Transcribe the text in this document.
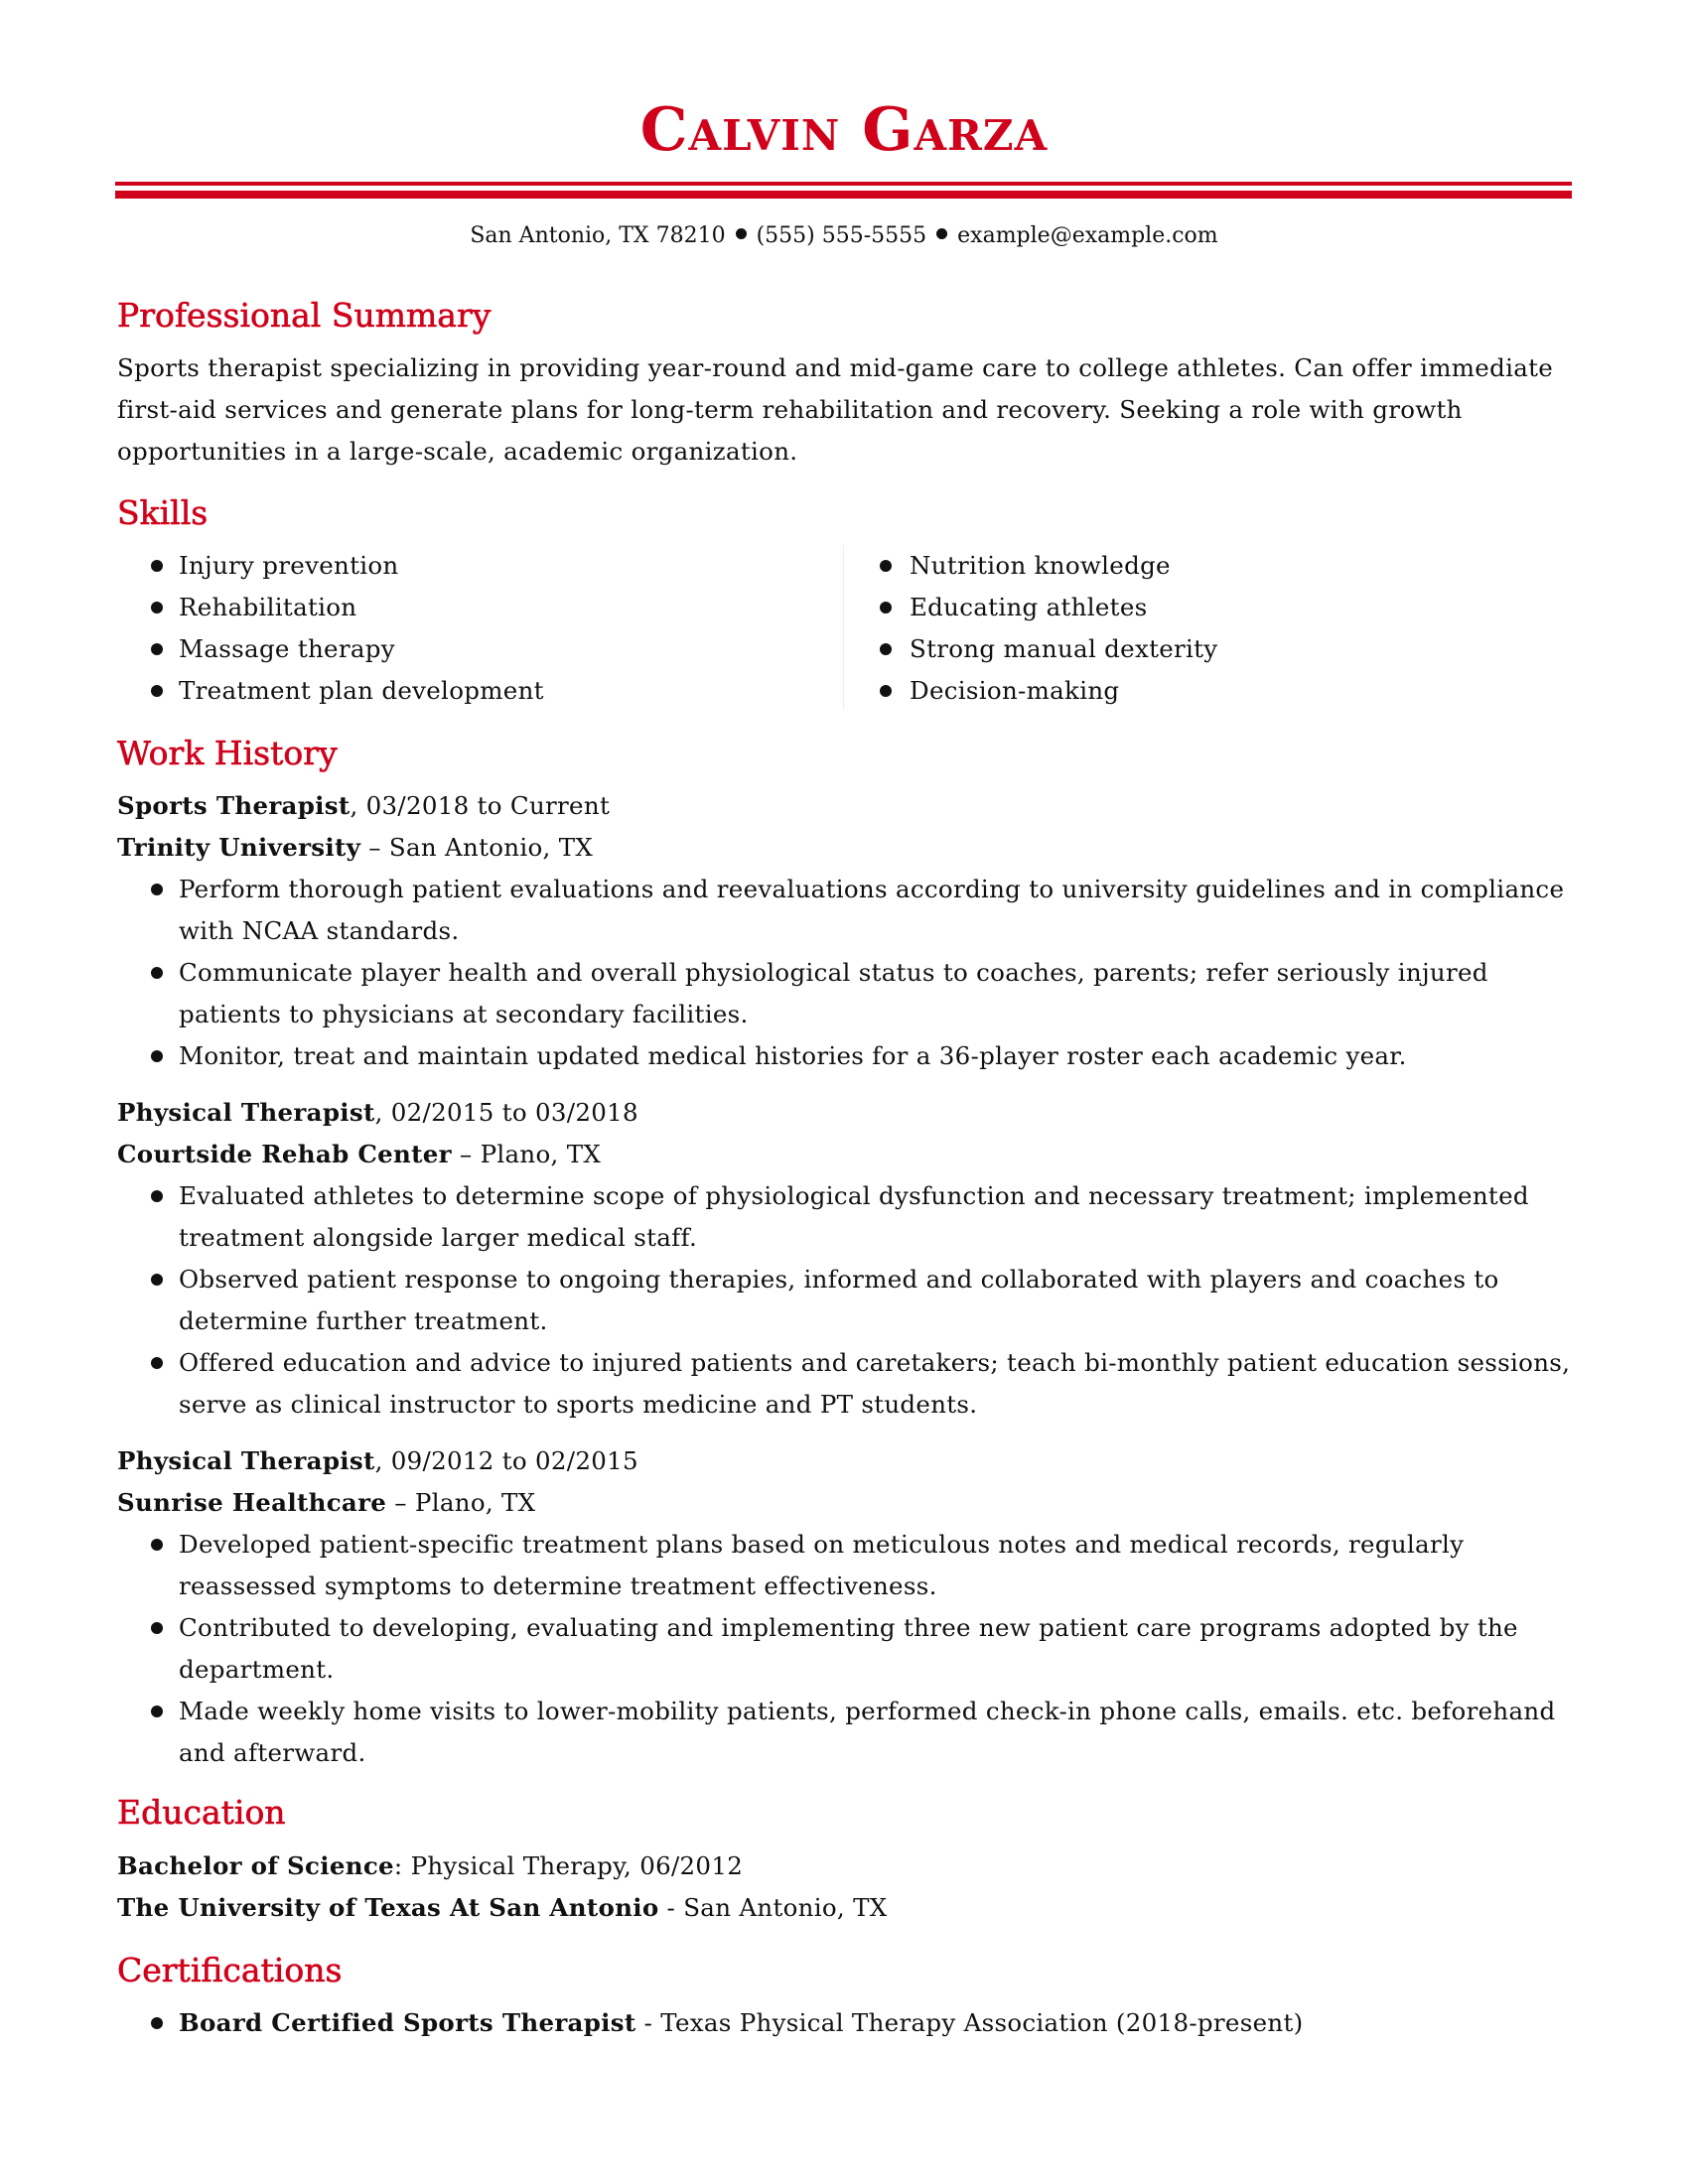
Calvin Garza
San Antonio, TX 78210 (555) 555-5555 example@example.com
Professional Summary
Sports therapist specializing in providing year-round and mid-game care to college athletes. Can offer immediate first-aid services and generate plans for long-term rehabilitation and recovery. Seeking a role with growth opportunities in a large-scale, academic organization.
Skills
Injury prevention
Rehabilitation
Massage therapy
Treatment plan development
Nutrition knowledge
Educating athletes
Strong manual dexterity
Decision-making
Work History
Sports Therapist, 03/2018 to Current
Trinity University – San Antonio, TX
Perform thorough patient evaluations and reevaluations according to university guidelines and in compliance with NCAA standards.
Communicate player health and overall physiological status to coaches, parents; refer seriously injured patients to physicians at secondary facilities.
Monitor, treat and maintain updated medical histories for a 36-player roster each academic year.
Physical Therapist, 02/2015 to 03/2018
Courtside Rehab Center – Plano, TX
Evaluated athletes to determine scope of physiological dysfunction and necessary treatment; implemented treatment alongside larger medical staff.
Observed patient response to ongoing therapies, informed and collaborated with players and coaches to determine further treatment.
Offered education and advice to injured patients and caretakers; teach bi-monthly patient education sessions, serve as clinical instructor to sports medicine and PT students.
Physical Therapist, 09/2012 to 02/2015
Sunrise Healthcare – Plano, TX
Developed patient-specific treatment plans based on meticulous notes and medical records, regularly reassessed symptoms to determine treatment effectiveness.
Contributed to developing, evaluating and implementing three new patient care programs adopted by the department.
Made weekly home visits to lower-mobility patients, performed check-in phone calls, emails. etc. beforehand and afterward.
Education
Bachelor of Science: Physical Therapy, 06/2012
The University of Texas At San Antonio - San Antonio, TX
Certifications
Board Certified Sports Therapist - Texas Physical Therapy Association (2018-present)
